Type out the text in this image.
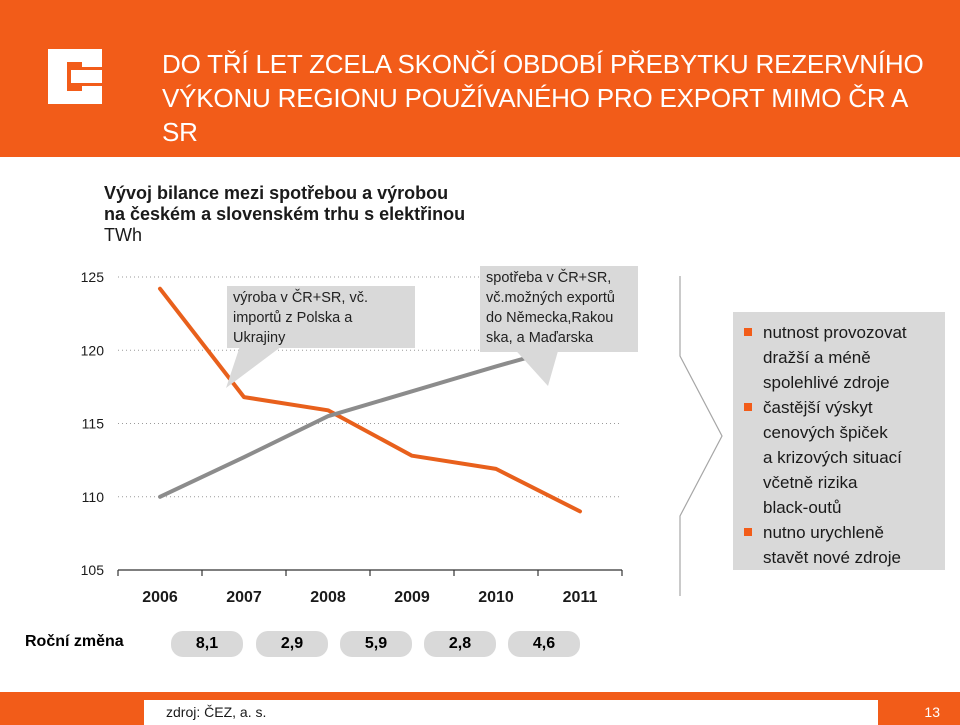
DO TŘÍ LET ZCELA SKONČÍ OBDOBÍ PŘEBYTKU REZERVNÍHO
VÝKONU REGIONU POUŽÍVANÉHO PRO EXPORT MIMO ČR A SR
Vývoj bilance mezi spotřebou a výrobou
na českém a slovenském trhu s elektřinou
TWh
125
120
115
110
105
2006	2007	2008	2009	2010	2011
výroba v ČR+SR, vč.
importů z Polska a
Ukrajiny
spotřeba v ČR+SR,
vč.možných exportů
do Německa,Rakou
ska, a Maďarska	nutnost provozovat
dražší a méně
spolehlivé zdroje
častější výskyt
cenových špiček
a krizových situací
včetně rizika
black-outů
nutno urychleně
stavět nové zdroje
Roční změna	8,1	2,9	5,9	2,8	4,6
zdroj: ČEZ, a. s.	13
